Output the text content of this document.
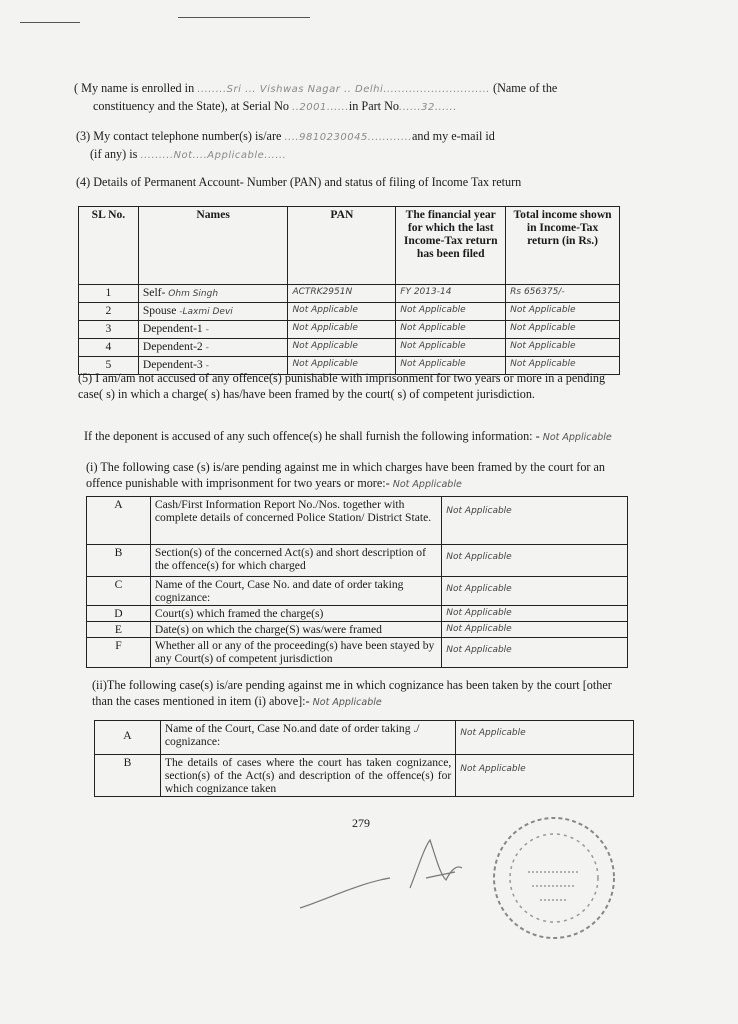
( My name is enrolled in ........Sri ... Vishwas Nagar .. Delhi............................. (Name of the
constituency and the State), at Serial No ..2001......in Part No......32......
(3) My contact telephone number(s) is/are ....9810230045............and my e-mail id
(if any) is .........Not....Applicable......
(4) Details of Permanent Account- Number (PAN) and status of filing of Income Tax return
SL No.	Names	PAN	The financial year for which the last Income-Tax return has been filed	Total income shown in Income-Tax return (in Rs.)
1	Self- Ohm Singh	ACTRK2951N	FY 2013-14	Rs 656375/-
2	Spouse -Laxmi Devi	Not Applicable	Not Applicable	Not Applicable
3	Dependent-1 -	Not Applicable	Not Applicable	Not Applicable
4	Dependent-2 -	Not Applicable	Not Applicable	Not Applicable
5	Dependent-3 -	Not Applicable	Not Applicable	Not Applicable
(5) I am/am not accused of any offence(s) punishable with imprisonment for two years or more in a pending case( s) in which a charge( s) has/have been framed by the court( s) of competent jurisdiction.
If the deponent is accused of any such offence(s) he shall furnish the following information: - Not Applicable
(i) The following case (s) is/are pending against me in which charges have been framed by the court for an offence punishable with imprisonment for two years or more:- Not Applicable
A	Cash/First Information Report No./Nos. together with complete details of concerned Police Station/ District State.	Not Applicable
B	Section(s) of the concerned Act(s) and short description of the offence(s) for which charged	Not Applicable
C	Name of the Court, Case No. and date of order taking cognizance:	Not Applicable
D	Court(s) which framed the charge(s)	Not Applicable
E	Date(s) on which the charge(S) was/were framed	Not Applicable
F	Whether all or any of the proceeding(s) have been stayed by any Court(s) of competent jurisdiction	Not Applicable
(ii)The following case(s) is/are pending against me in which cognizance has been taken by the court [other than the cases mentioned in item (i) above]:- Not Applicable
A	Name of the Court, Case No.and date of order taking ./ cognizance:	Not Applicable
B	The details of cases where the court has taken cognizance, section(s) of the Act(s) and description of the offence(s) for which cognizance taken	Not Applicable
279
